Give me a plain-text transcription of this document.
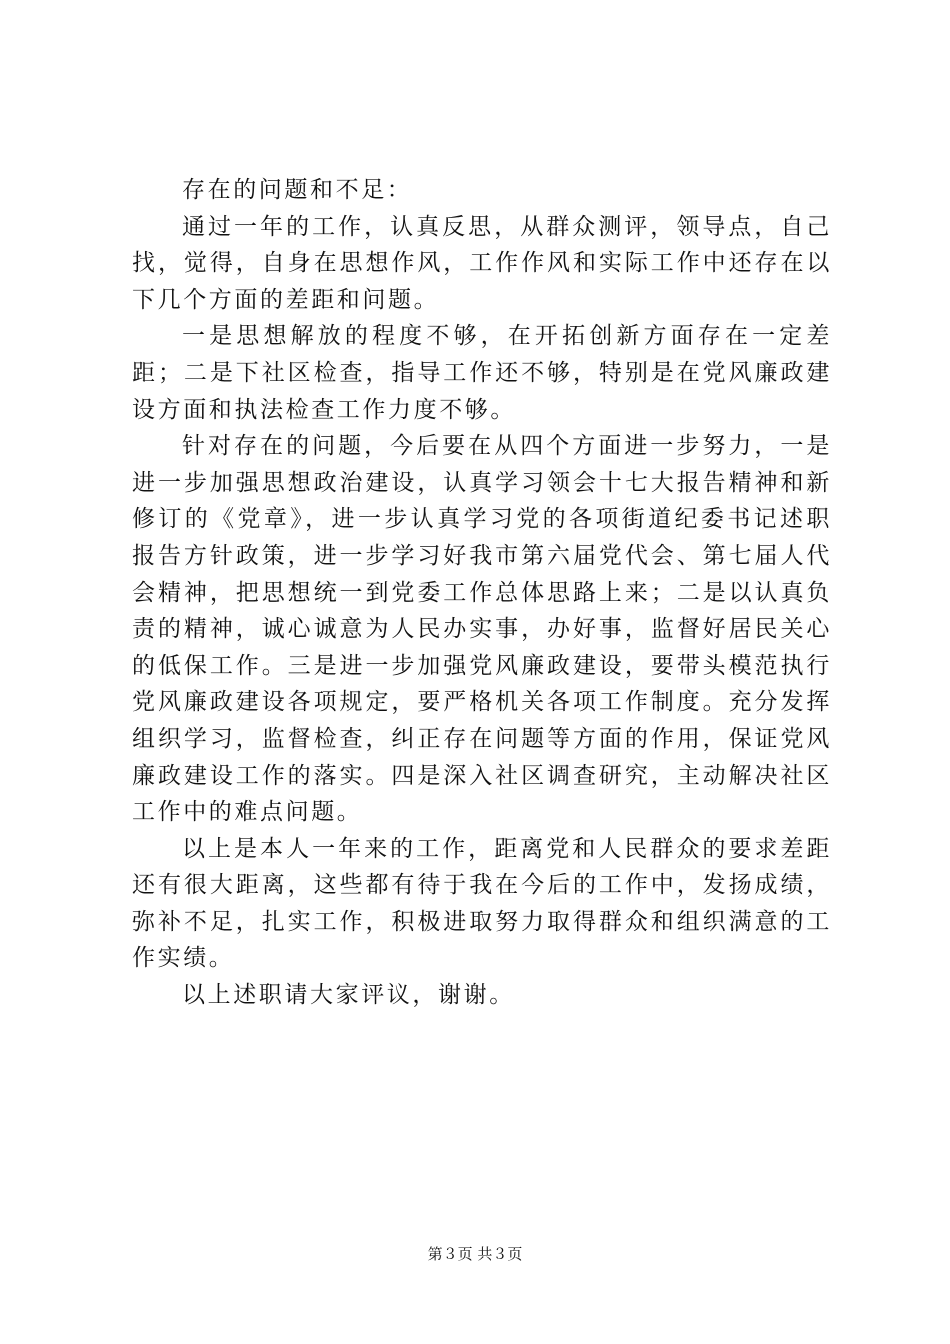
存在的问题和不足：

通过一年的工作，认真反思，从群众测评，领导点，自己找，觉得，自身在思想作风，工作作风和实际工作中还存在以下几个方面的差距和问题。

一是思想解放的程度不够，在开拓创新方面存在一定差距；二是下社区检查，指导工作还不够，特别是在党风廉政建设方面和执法检查工作力度不够。

针对存在的问题，今后要在从四个方面进一步努力，一是进一步加强思想政治建设，认真学习领会十七大报告精神和新修订的《党章》，进一步认真学习党的各项街道纪委书记述职报告方针政策，进一步学习好我市第六届党代会、第七届人代会精神，把思想统一到党委工作总体思路上来；二是以认真负责的精神，诚心诚意为人民办实事，办好事，监督好居民关心的低保工作。三是进一步加强党风廉政建设，要带头模范执行党风廉政建设各项规定，要严格机关各项工作制度。充分发挥组织学习，监督检查，纠正存在问题等方面的作用，保证党风廉政建设工作的落实。四是深入社区调查研究，主动解决社区工作中的难点问题。

以上是本人一年来的工作，距离党和人民群众的要求差距还有很大距离，这些都有待于我在今后的工作中，发扬成绩，弥补不足，扎实工作，积极进取努力取得群众和组织满意的工作实绩。

以上述职请大家评议，谢谢。

第３页 共３页
